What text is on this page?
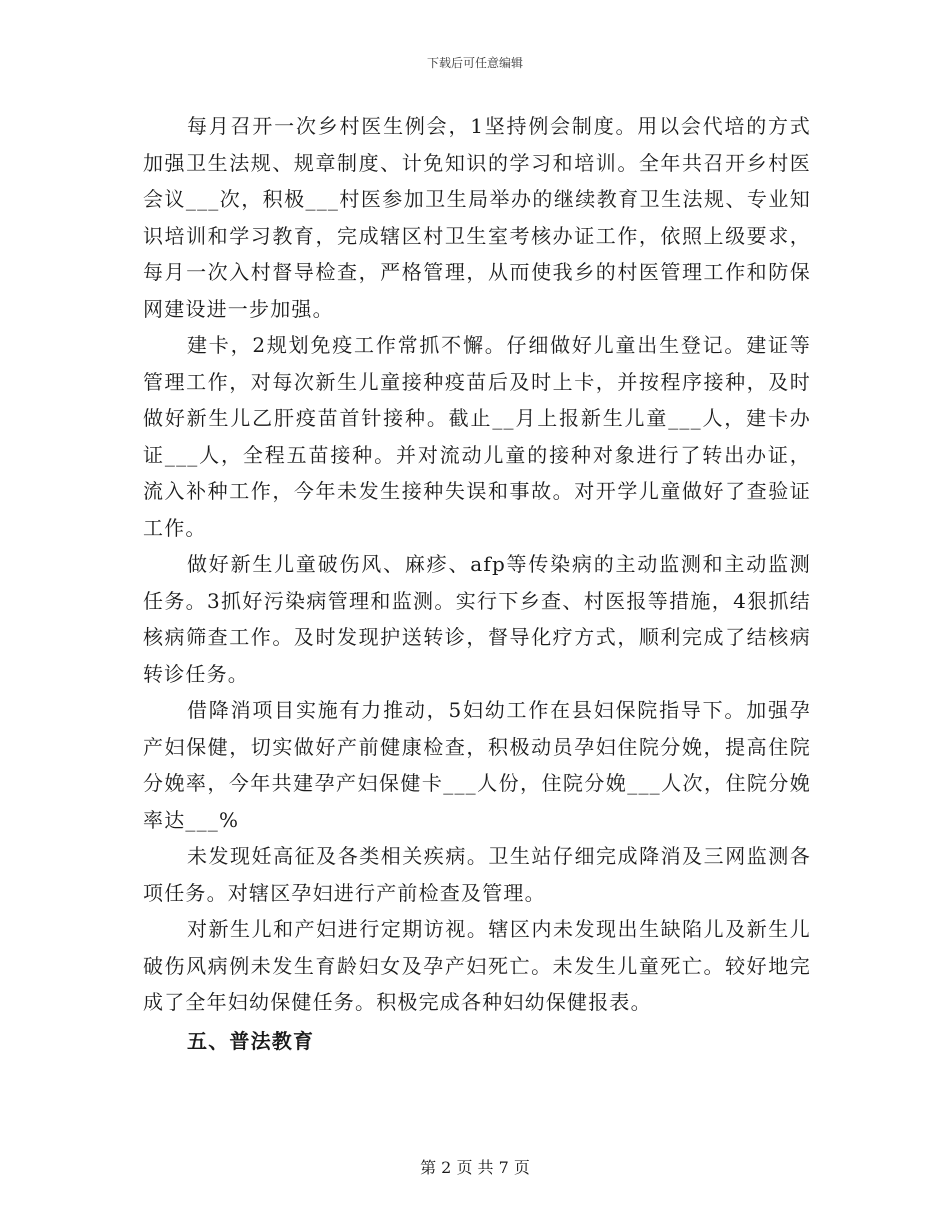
下载后可任意编辑

每月召开一次乡村医生例会，1坚持例会制度。用以会代培的方式加强卫生法规、规章制度、计免知识的学习和培训。全年共召开乡村医会议___次，积极___村医参加卫生局举办的继续教育卫生法规、专业知识培训和学习教育，完成辖区村卫生室考核办证工作，依照上级要求，每月一次入村督导检查，严格管理，从而使我乡的村医管理工作和防保网建设进一步加强。

建卡，2规划免疫工作常抓不懈。仔细做好儿童出生登记。建证等管理工作，对每次新生儿童接种疫苗后及时上卡，并按程序接种，及时做好新生儿乙肝疫苗首针接种。截止__月上报新生儿童___人，建卡办证___人，全程五苗接种。并对流动儿童的接种对象进行了转出办证，流入补种工作，今年未发生接种失误和事故。对开学儿童做好了查验证工作。

做好新生儿童破伤风、麻疹、afp等传染病的主动监测和主动监测任务。3抓好污染病管理和监测。实行下乡查、村医报等措施，4狠抓结核病筛查工作。及时发现护送转诊，督导化疗方式，顺利完成了结核病转诊任务。

借降消项目实施有力推动，5妇幼工作在县妇保院指导下。加强孕产妇保健，切实做好产前健康检查，积极动员孕妇住院分娩，提高住院分娩率，今年共建孕产妇保健卡___人份，住院分娩___人次，住院分娩率达___%

未发现妊高征及各类相关疾病。卫生站仔细完成降消及三网监测各项任务。对辖区孕妇进行产前检查及管理。

对新生儿和产妇进行定期访视。辖区内未发现出生缺陷儿及新生儿破伤风病例未发生育龄妇女及孕产妇死亡。未发生儿童死亡。较好地完成了全年妇幼保健任务。积极完成各种妇幼保健报表。

五、普法教育

第 2 页 共 7 页
